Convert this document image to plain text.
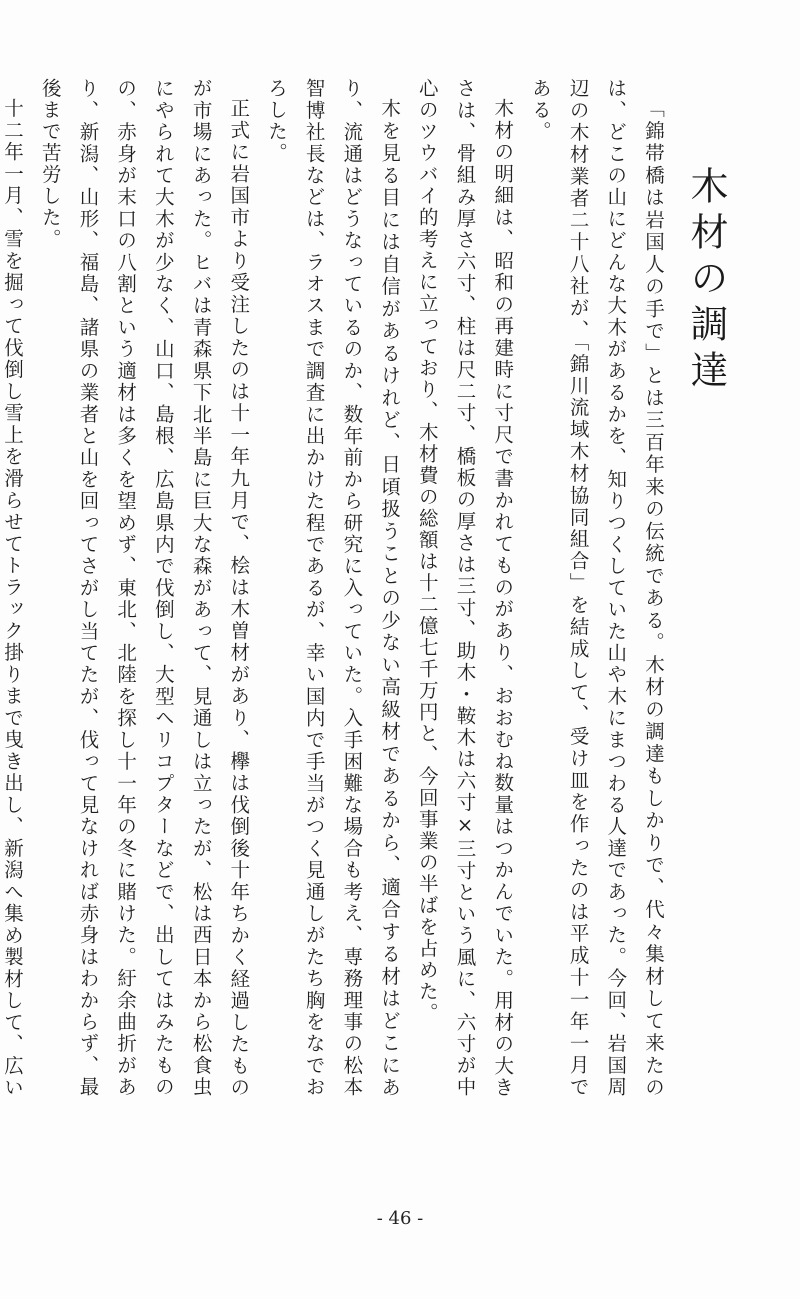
木材の調達

「錦帯橋は岩国人の手で」とは三百年来の伝統である。木材の調達もしかりで、代々集材して来たのは、どこの山にどんな大木があるかを、知りつくしていた山や木にまつわる人達であった。今回、岩国周辺の木材業者二十八社が、「錦川流域木材協同組合」を結成して、受け皿を作ったのは平成十一年一月である。

木材の明細は、昭和の再建時に寸尺で書かれてものがあり、おおむね数量はつかんでいた。用材の大きさは、骨組み厚さ六寸、柱は尺二寸、橋板の厚さは三寸、助木・鞍木は六寸×三寸という風に、六寸が中心のツウバイ的考えに立っており、木材費の総額は十二億七千万円と、今回事業の半ばを占めた。

木を見る目には自信があるけれど、日頃扱うことの少ない高級材であるから、適合する材はどこにあり、流通はどうなっているのか、数年前から研究に入っていた。入手困難な場合も考え、専務理事の松本智博社長などは、ラオスまで調査に出かけた程であるが、幸い国内で手当がつく見通しがたち胸をなでおろした。

正式に岩国市より受注したのは十一年九月で、桧は木曽材があり、欅は伐倒後十年ちかく経過したものが市場にあった。ヒバは青森県下北半島に巨大な森があって、見通しは立ったが、松は西日本から松食虫にやられて大木が少なく、山口、島根、広島県内で伐倒し、大型ヘリコプターなどで、出してはみたものの、赤身が末口の八割という適材は多くを望めず、東北、北陸を探し十一年の冬に賭けた。紆余曲折があり、新潟、山形、福島、諸県の業者と山を回ってさがし当てたが、伐って見なければ赤身はわからず、最後まで苦労した。

十二年一月、雪を掘って伐倒し雪上を滑らせてトラック掛りまで曳き出し、新潟へ集め製材して、広い

- 46 -
